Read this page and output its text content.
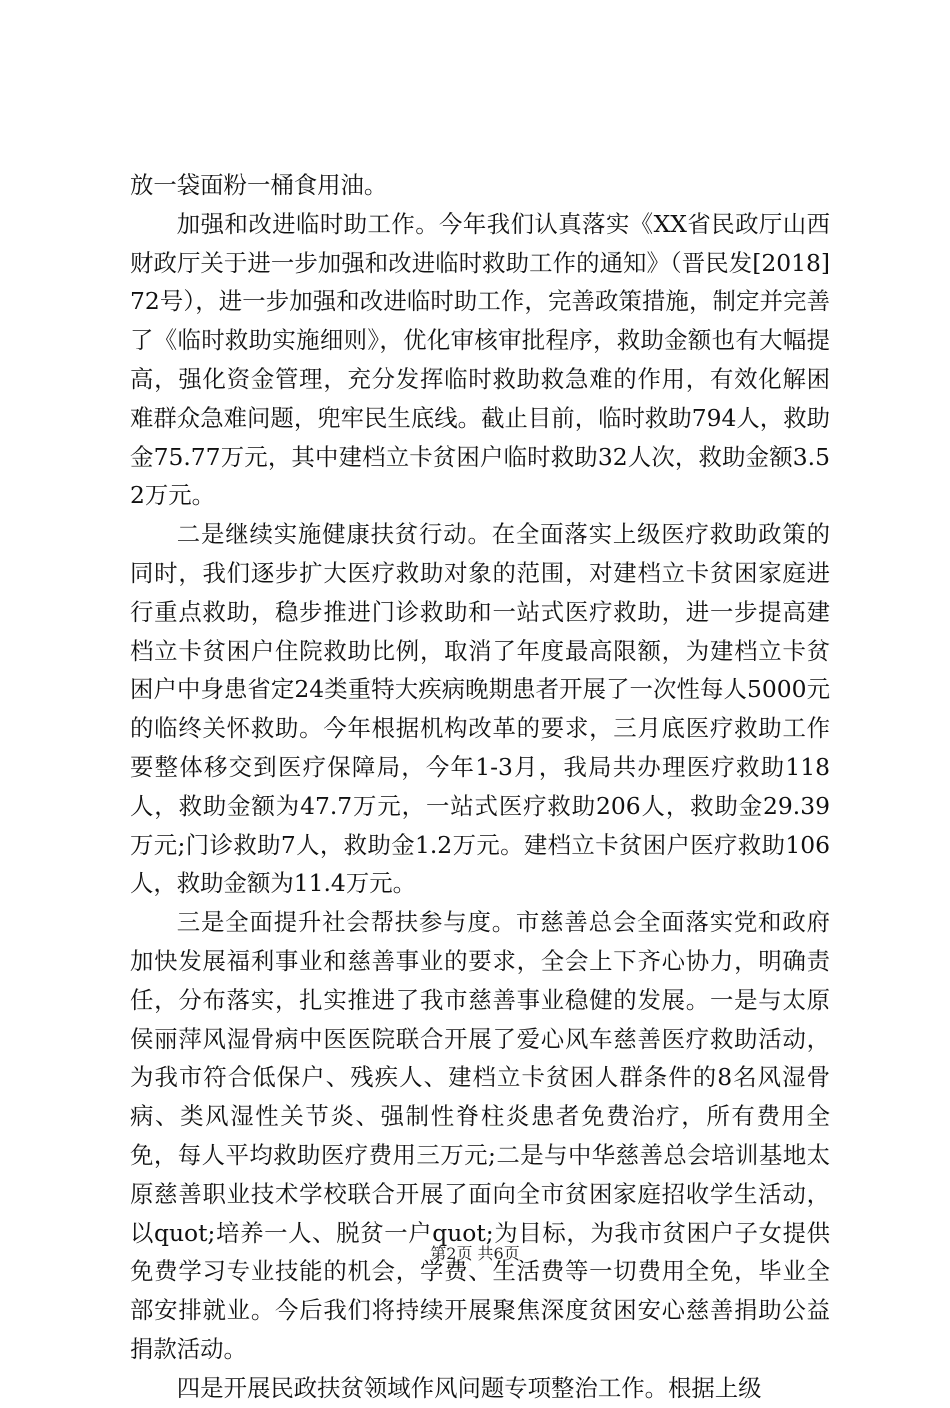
放一袋面粉一桶食用油。

加强和改进临时助工作。今年我们认真落实《XX省民政厅山西财政厅关于进一步加强和改进临时救助工作的通知》（晋民发[2018]72号），进一步加强和改进临时助工作，完善政策措施，制定并完善了《临时救助实施细则》，优化审核审批程序，救助金额也有大幅提高，强化资金管理，充分发挥临时救助救急难的作用，有效化解困难群众急难问题，兜牢民生底线。截止目前，临时救助794人，救助金75.77万元，其中建档立卡贫困户临时救助32人次，救助金额3.52万元。

二是继续实施健康扶贫行动。在全面落实上级医疗救助政策的同时，我们逐步扩大医疗救助对象的范围，对建档立卡贫困家庭进行重点救助，稳步推进门诊救助和一站式医疗救助，进一步提高建档立卡贫困户住院救助比例，取消了年度最高限额，为建档立卡贫困户中身患省定24类重特大疾病晚期患者开展了一次性每人5000元的临终关怀救助。今年根据机构改革的要求，三月底医疗救助工作要整体移交到医疗保障局，今年1-3月，我局共办理医疗救助118人，救助金额为47.7万元，一站式医疗救助206人，救助金29.39万元;门诊救助7人，救助金1.2万元。建档立卡贫困户医疗救助106人，救助金额为11.4万元。

三是全面提升社会帮扶参与度。市慈善总会全面落实党和政府加快发展福利事业和慈善事业的要求，全会上下齐心协力，明确责任，分布落实，扎实推进了我市慈善事业稳健的发展。一是与太原侯丽萍风湿骨病中医医院联合开展了爱心风车慈善医疗救助活动，为我市符合低保户、残疾人、建档立卡贫困人群条件的8名风湿骨病、类风湿性关节炎、强制性脊柱炎患者免费治疗，所有费用全免，每人平均救助医疗费用三万元;二是与中华慈善总会培训基地太原慈善职业技术学校联合开展了面向全市贫困家庭招收学生活动，以quot;培养一人、脱贫一户quot;为目标，为我市贫困户子女提供免费学习专业技能的机会，学费、生活费等一切费用全免，毕业全部安排就业。今后我们将持续开展聚焦深度贫困安心慈善捐助公益捐款活动。

四是开展民政扶贫领域作风问题专项整治工作。根据上级

第2页 共6页
